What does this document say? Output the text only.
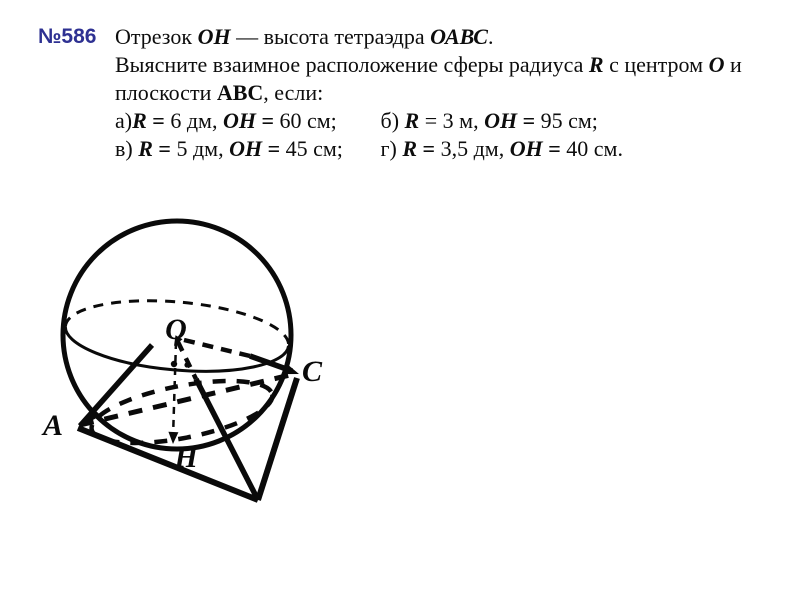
№586 Отрезок ОН — высота тетраэдра ОАВС.
Выясните взаимное расположение сферы радиуса R с центром О и
плоскости АВС, если:
а)R = 6 дм, ОН = 60 см; б) R = 3 м, ОН = 95 см;
в) R = 5 дм, ОН = 45 см; г) R = 3,5 дм, ОН = 40 см.
О
А
С
Н
